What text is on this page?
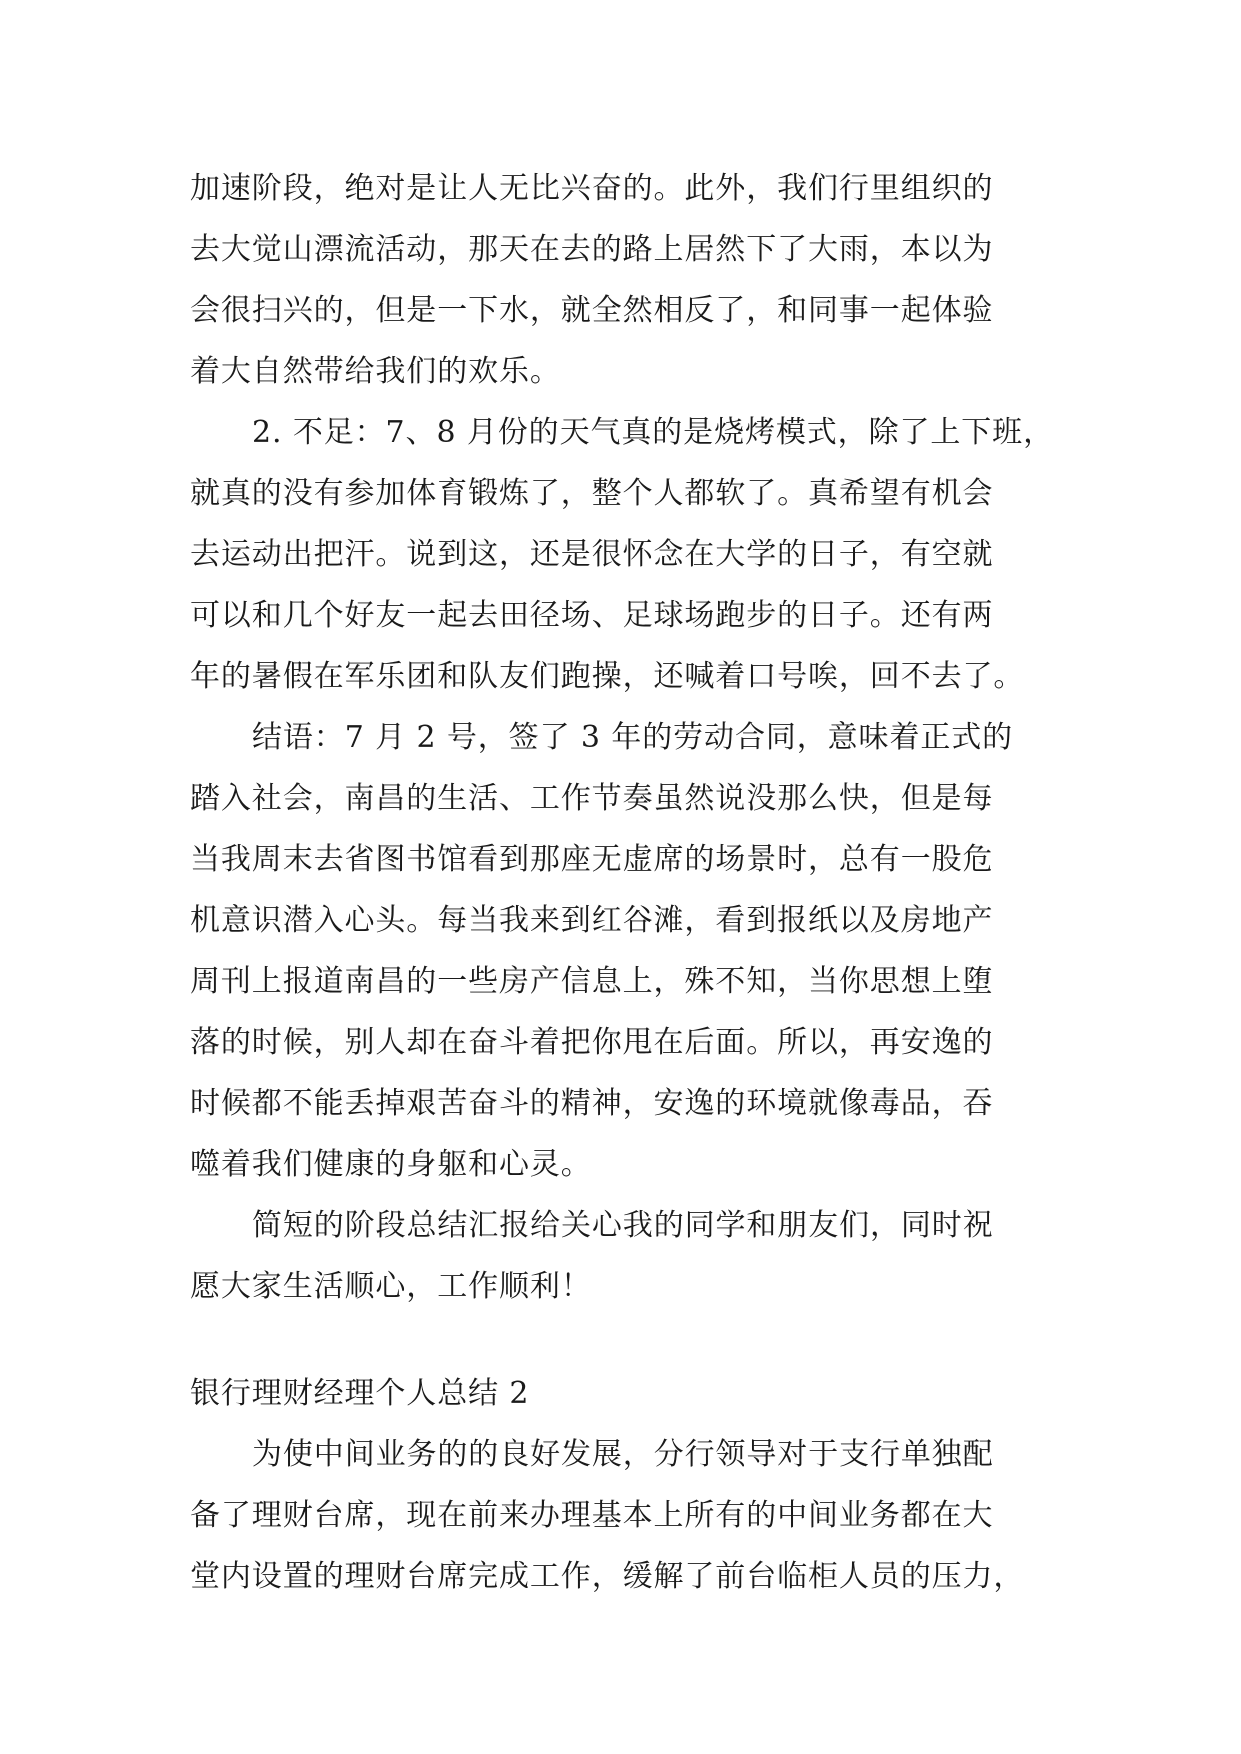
加速阶段，绝对是让人无比兴奋的。此外，我们行里组织的
去大觉山漂流活动，那天在去的路上居然下了大雨，本以为
会很扫兴的，但是一下水，就全然相反了，和同事一起体验
着大自然带给我们的欢乐。
2. 不足：7、8 月份的天气真的是烧烤模式，除了上下班，
就真的没有参加体育锻炼了，整个人都软了。真希望有机会
去运动出把汗。说到这，还是很怀念在大学的日子，有空就
可以和几个好友一起去田径场、足球场跑步的日子。还有两
年的暑假在军乐团和队友们跑操，还喊着口号唉，回不去了。
结语：7 月 2 号，签了 3 年的劳动合同，意味着正式的
踏入社会，南昌的生活、工作节奏虽然说没那么快，但是每
当我周末去省图书馆看到那座无虚席的场景时，总有一股危
机意识潜入心头。每当我来到红谷滩，看到报纸以及房地产
周刊上报道南昌的一些房产信息上，殊不知，当你思想上堕
落的时候，别人却在奋斗着把你甩在后面。所以，再安逸的
时候都不能丢掉艰苦奋斗的精神，安逸的环境就像毒品，吞
噬着我们健康的身躯和心灵。
简短的阶段总结汇报给关心我的同学和朋友们，同时祝
愿大家生活顺心，工作顺利！
银行理财经理个人总结 2
为使中间业务的的良好发展，分行领导对于支行单独配
备了理财台席，现在前来办理基本上所有的中间业务都在大
堂内设置的理财台席完成工作，缓解了前台临柜人员的压力，
